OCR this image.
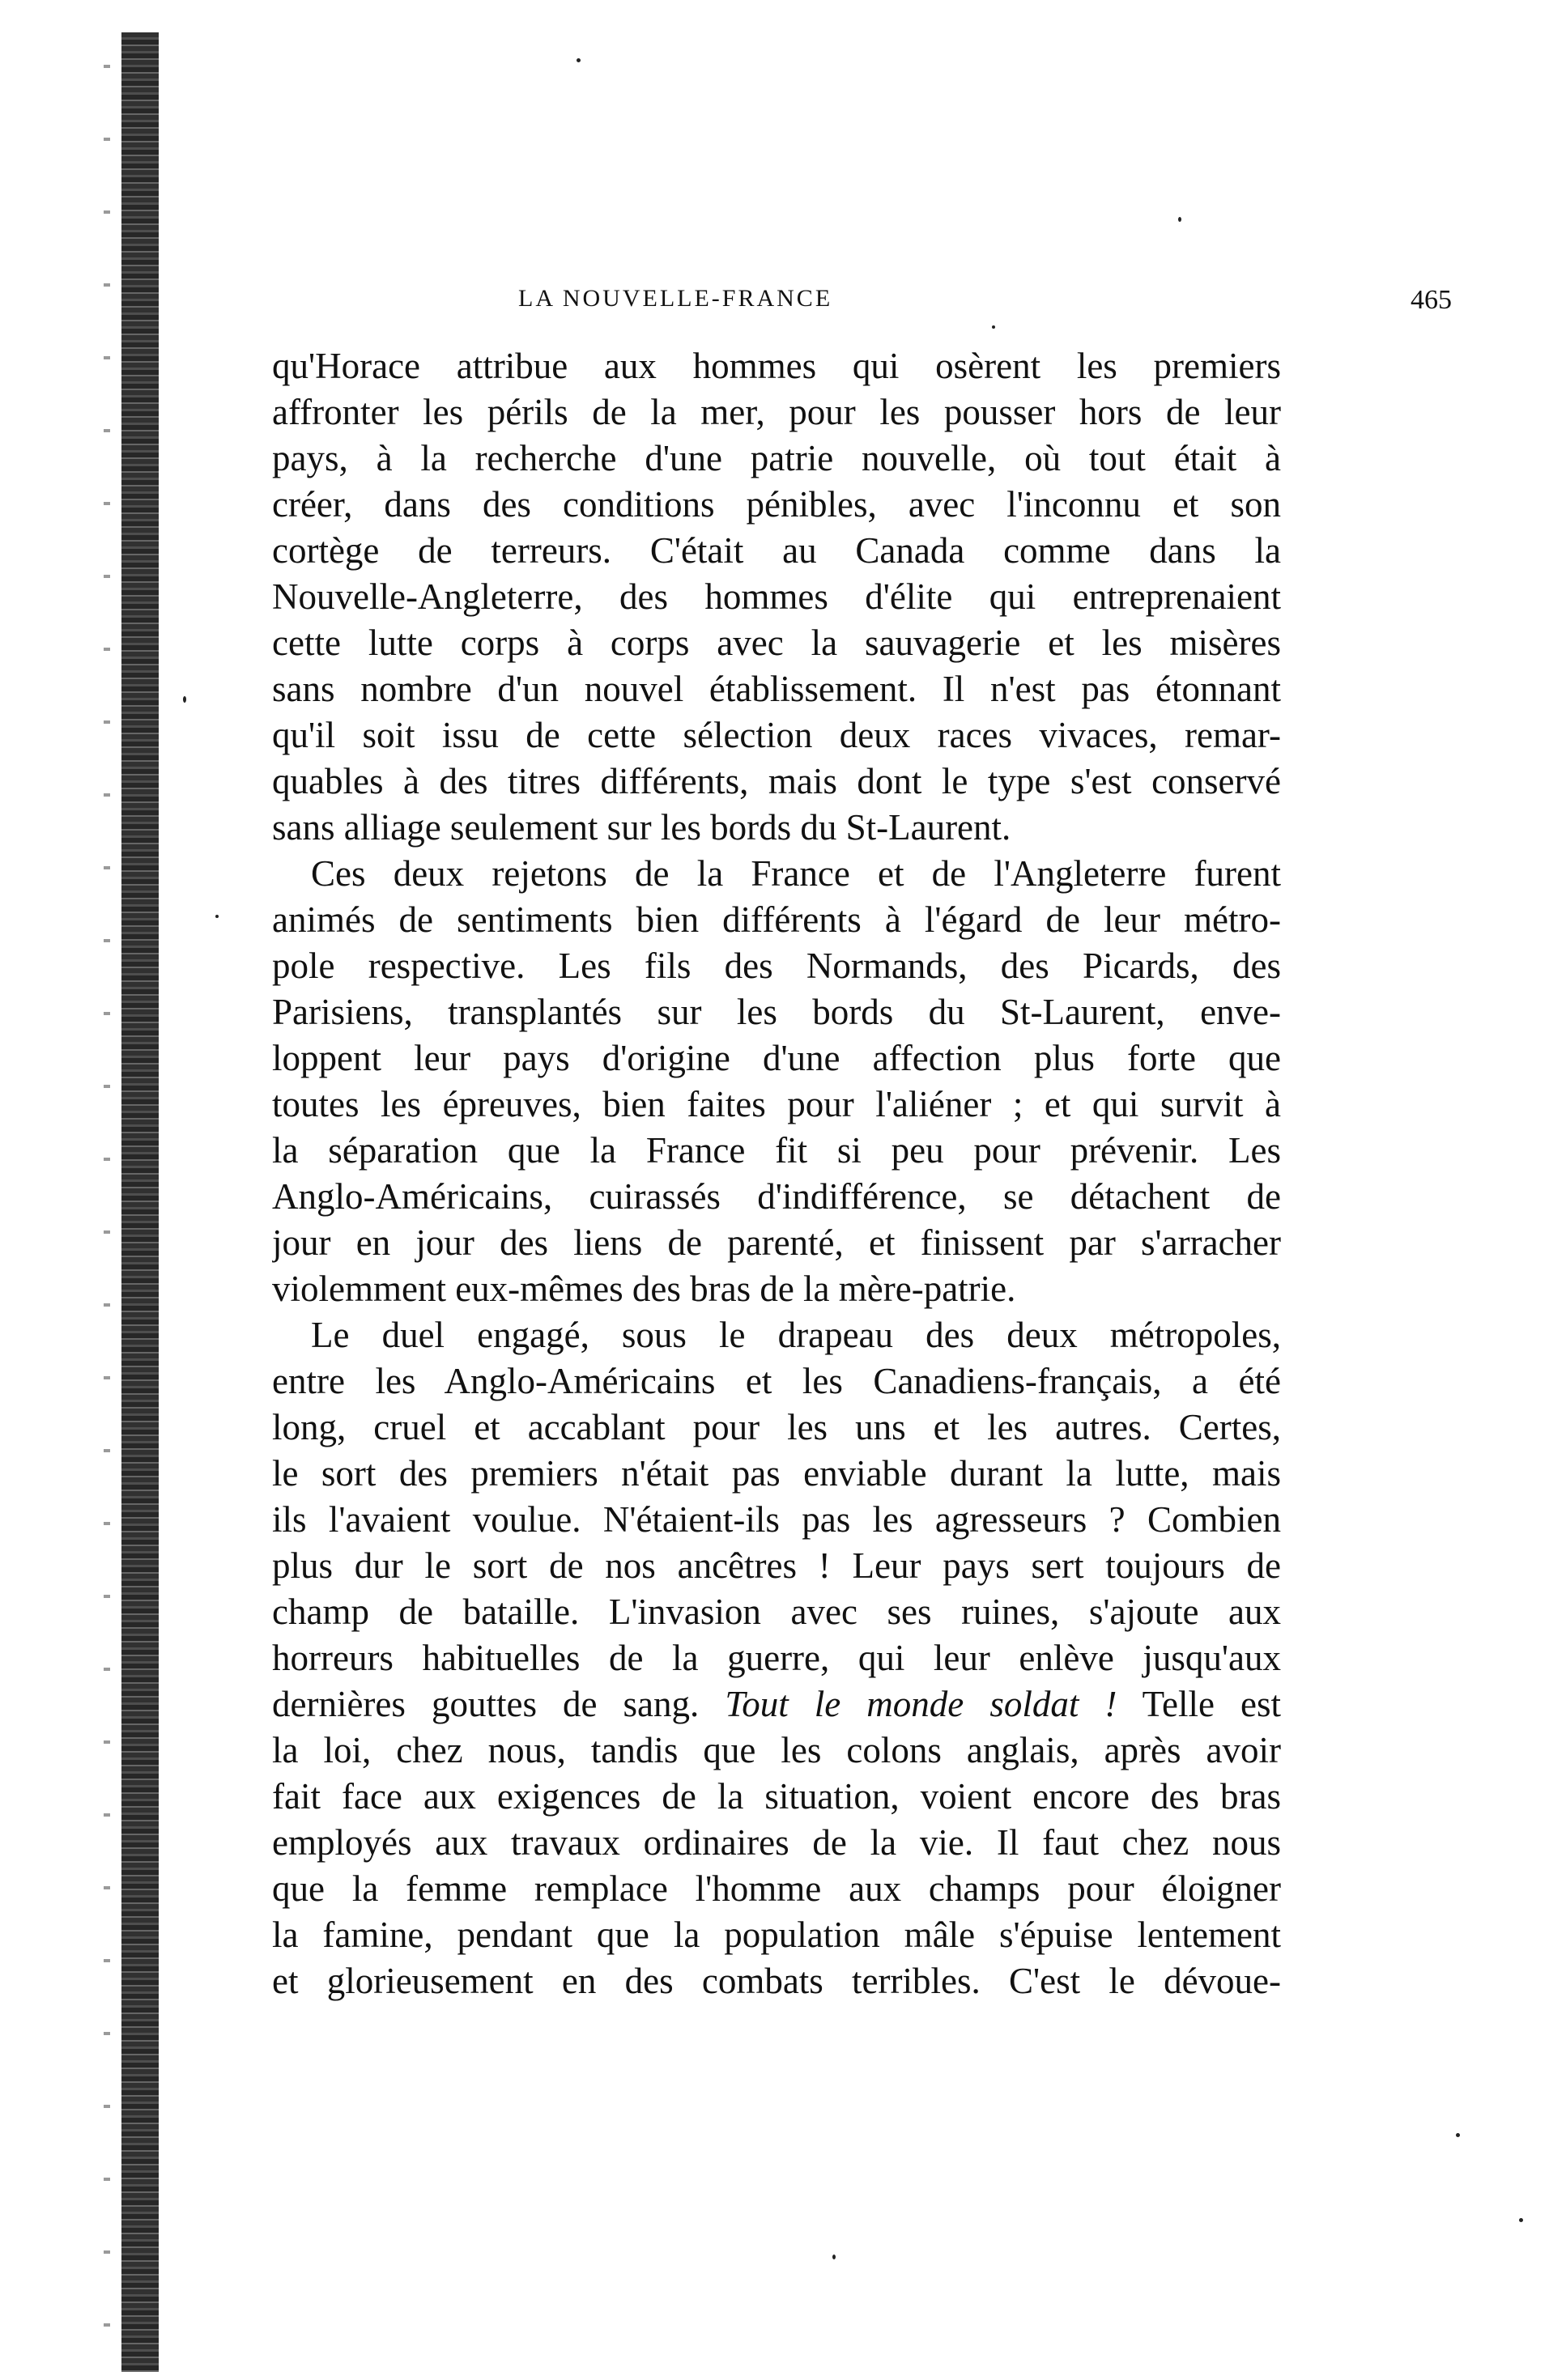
LA NOUVELLE-FRANCE	465
qu'Horace attribue aux hommes qui osèrent les premiers
affronter les périls de la mer, pour les pousser hors de leur
pays, à la recherche d'une patrie nouvelle, où tout était à
créer, dans des conditions pénibles, avec l'inconnu et son
cortège de terreurs. C'était au Canada comme dans la
Nouvelle-Angleterre, des hommes d'élite qui entreprenaient
cette lutte corps à corps avec la sauvagerie et les misères
sans nombre d'un nouvel établissement. Il n'est pas étonnant
qu'il soit issu de cette sélection deux races vivaces, remar-
quables à des titres différents, mais dont le type s'est conservé
sans alliage seulement sur les bords du St-Laurent.
Ces deux rejetons de la France et de l'Angleterre furent
animés de sentiments bien différents à l'égard de leur métro-
pole respective. Les fils des Normands, des Picards, des
Parisiens, transplantés sur les bords du St-Laurent, enve-
loppent leur pays d'origine d'une affection plus forte que
toutes les épreuves, bien faites pour l'aliéner ; et qui survit à
la séparation que la France fit si peu pour prévenir. Les
Anglo-Américains, cuirassés d'indifférence, se détachent de
jour en jour des liens de parenté, et finissent par s'arracher
violemment eux-mêmes des bras de la mère-patrie.
Le duel engagé, sous le drapeau des deux métropoles,
entre les Anglo-Américains et les Canadiens-français, a été
long, cruel et accablant pour les uns et les autres. Certes,
le sort des premiers n'était pas enviable durant la lutte, mais
ils l'avaient voulue. N'étaient-ils pas les agresseurs ? Combien
plus dur le sort de nos ancêtres ! Leur pays sert toujours de
champ de bataille. L'invasion avec ses ruines, s'ajoute aux
horreurs habituelles de la guerre, qui leur enlève jusqu'aux
dernières gouttes de sang. Tout le monde soldat ! Telle est
la loi, chez nous, tandis que les colons anglais, après avoir
fait face aux exigences de la situation, voient encore des bras
employés aux travaux ordinaires de la vie. Il faut chez nous
que la femme remplace l'homme aux champs pour éloigner
la famine, pendant que la population mâle s'épuise lentement
et glorieusement en des combats terribles. C'est le dévoue-
